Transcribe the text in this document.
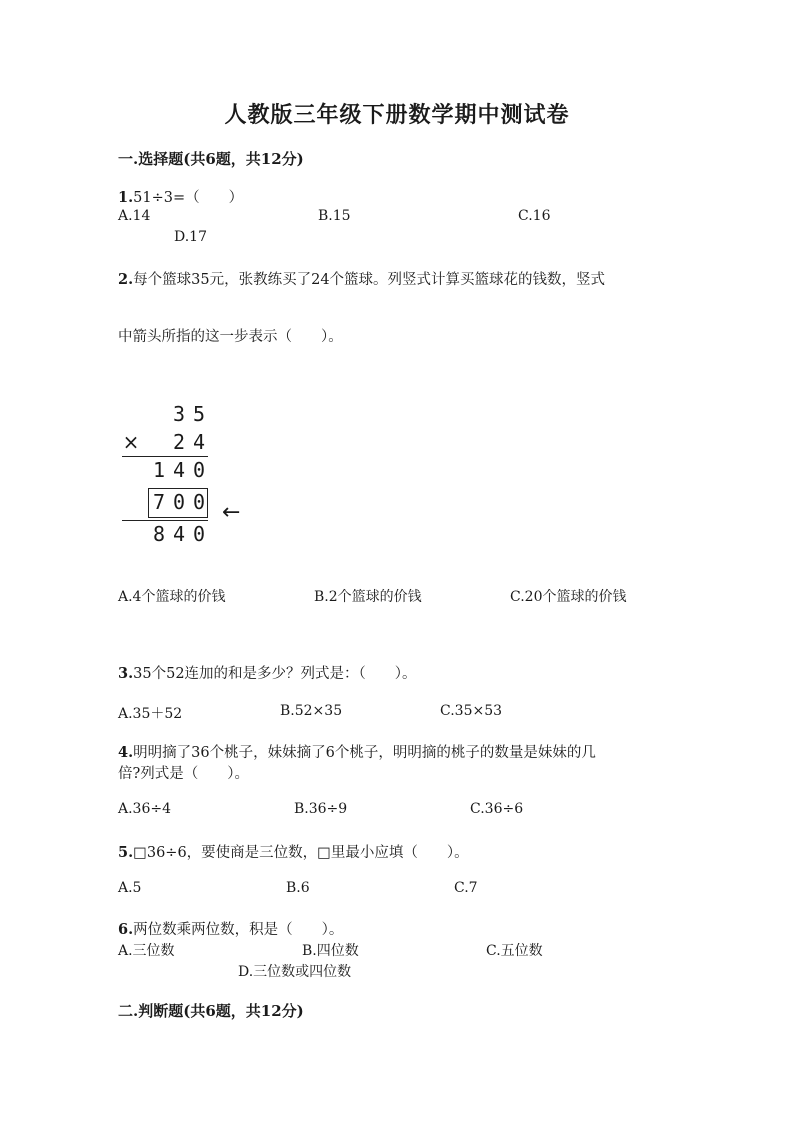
人教版三年级下册数学期中测试卷
一.选择题(共6题，共12分)
1.51÷3=（　　）
A.14	B.15	C.16
D.17
2.每个篮球35元，张教练买了24个篮球。列竖式计算买篮球花的钱数，竖式
中箭头所指的这一步表示（　　）。
3 5
× 2 4
1 4 0
7 0 0 ←
8 4 0
A.4个篮球的价钱	B.2个篮球的价钱	C.20个篮球的价钱
3.35个52连加的和是多少？列式是：（　　）。
A.35＋52	B.52×35	C.35×53
4.明明摘了36个桃子，妹妹摘了6个桃子，明明摘的桃子的数量是妹妹的几
倍?列式是（　　）。
A.36÷4	B.36÷9	C.36÷6
5.□36÷6，要使商是三位数，□里最小应填（　　）。
A.5	B.6	C.7
6.两位数乘两位数，积是（　　）。
A.三位数	B.四位数	C.五位数
D.三位数或四位数
二.判断题(共6题，共12分)
